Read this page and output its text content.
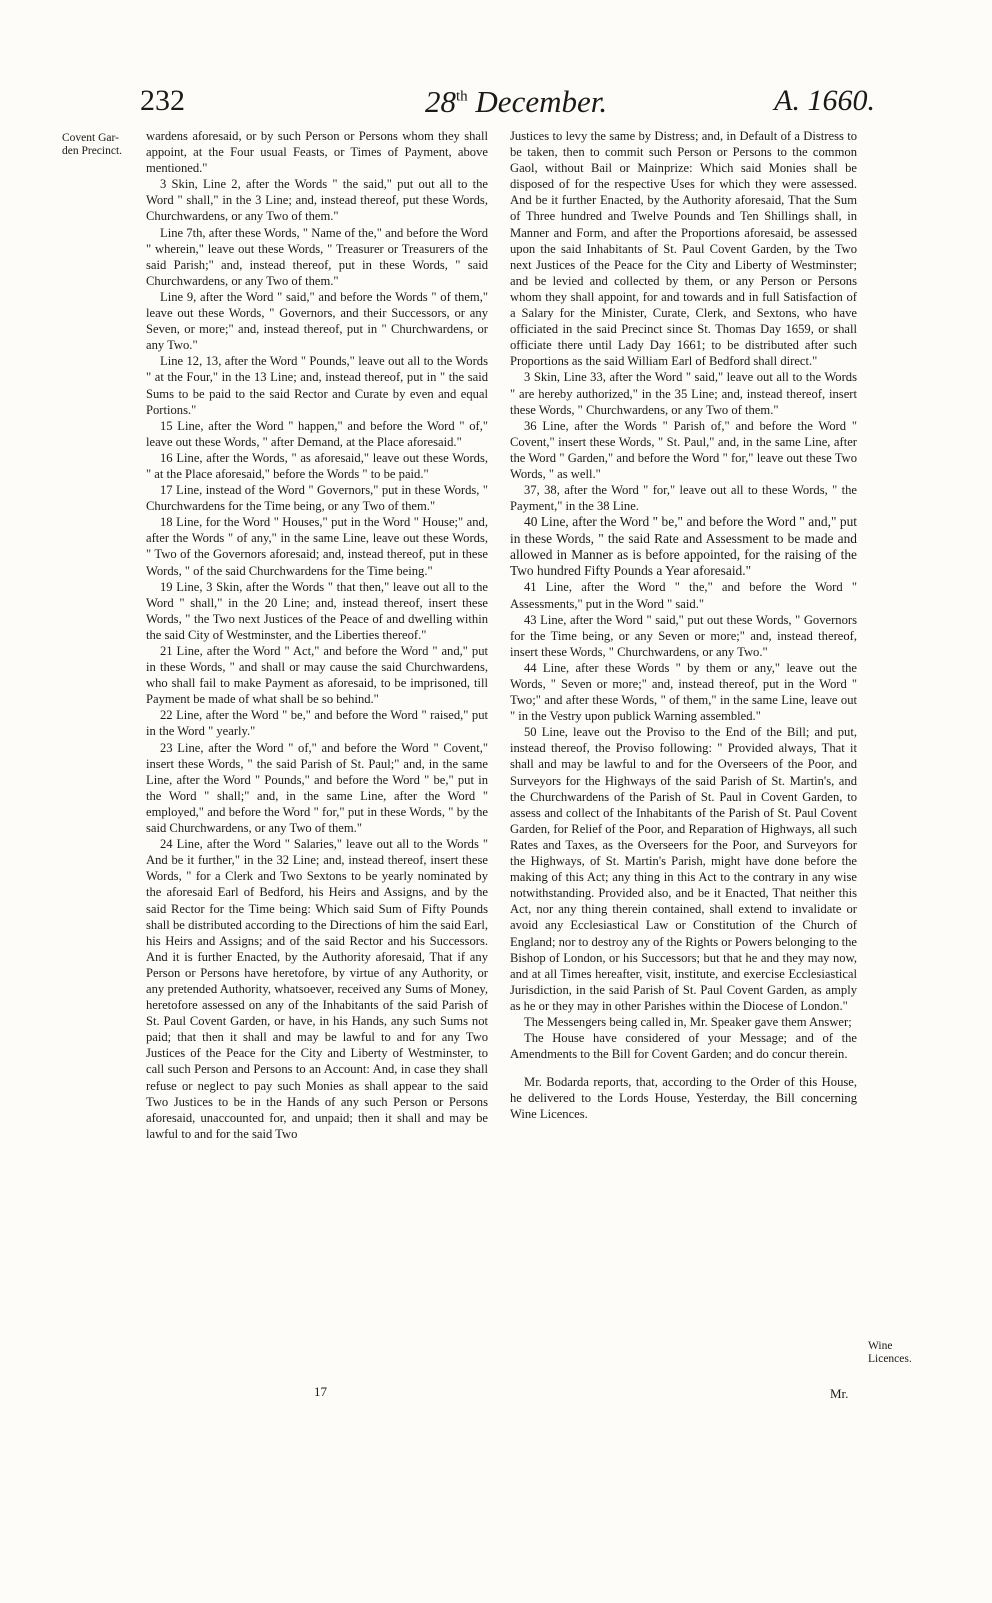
232	28th December.	A. 1660.
Covent Gar-
den Precinct.
Wine
Licences.

wardens aforesaid, or by such Person or Persons whom they shall appoint, at the Four usual Feasts, or Times of Payment, above mentioned."

3 Skin, Line 2, after the Words " the said," put out all to the Word " shall," in the 3 Line; and, instead thereof, put these Words, Churchwardens, or any Two of them."

Line 7th, after these Words, " Name of the," and before the Word " wherein," leave out these Words, " Treasurer or Treasurers of the said Parish;" and, instead thereof, put in these Words, " said Churchwardens, or any Two of them."

Line 9, after the Word " said," and before the Words " of them," leave out these Words, " Governors, and their Successors, or any Seven, or more;" and, instead thereof, put in " Churchwardens, or any Two."

Line 12, 13, after the Word " Pounds," leave out all to the Words " at the Four," in the 13 Line; and, instead thereof, put in " the said Sums to be paid to the said Rector and Curate by even and equal Portions."

15 Line, after the Word " happen," and before the Word " of," leave out these Words, " after Demand, at the Place aforesaid."

16 Line, after the Words, " as aforesaid," leave out these Words, " at the Place aforesaid," before the Words " to be paid."

17 Line, instead of the Word " Governors," put in these Words, " Churchwardens for the Time being, or any Two of them."

18 Line, for the Word " Houses," put in the Word " House;" and, after the Words " of any," in the same Line, leave out these Words, " Two of the Governors aforesaid; and, instead thereof, put in these Words, " of the said Churchwardens for the Time being."

19 Line, 3 Skin, after the Words " that then," leave out all to the Word " shall," in the 20 Line; and, instead thereof, insert these Words, " the Two next Justices of the Peace of and dwelling within the said City of Westminster, and the Liberties thereof."

21 Line, after the Word " Act," and before the Word " and," put in these Words, " and shall or may cause the said Churchwardens, who shall fail to make Payment as aforesaid, to be imprisoned, till Payment be made of what shall be so behind."

22 Line, after the Word " be," and before the Word " raised," put in the Word " yearly."

23 Line, after the Word " of," and before the Word " Covent," insert these Words, " the said Parish of St. Paul;" and, in the same Line, after the Word " Pounds," and before the Word " be," put in the Word " shall;" and, in the same Line, after the Word " employed," and before the Word " for," put in these Words, " by the said Churchwardens, or any Two of them."

24 Line, after the Word " Salaries," leave out all to the Words " And be it further," in the 32 Line; and, instead thereof, insert these Words, " for a Clerk and Two Sextons to be yearly nominated by the aforesaid Earl of Bedford, his Heirs and Assigns, and by the said Rector for the Time being: Which said Sum of Fifty Pounds shall be distributed according to the Directions of him the said Earl, his Heirs and Assigns; and of the said Rector and his Successors. And it is further Enacted, by the Authority aforesaid, That if any Person or Persons have heretofore, by virtue of any Authority, or any pretended Authority, whatsoever, received any Sums of Money, heretofore assessed on any of the Inhabitants of the said Parish of St. Paul Covent Garden, or have, in his Hands, any such Sums not paid; that then it shall and may be lawful to and for any Two Justices of the Peace for the City and Liberty of Westminster, to call such Person and Persons to an Account: And, in case they shall refuse or neglect to pay such Monies as shall appear to the said Two Justices to be in the Hands of any such Person or Persons aforesaid, unaccounted for, and unpaid; then it shall and may be lawful to and for the said Two

Justices to levy the same by Distress; and, in Default of a Distress to be taken, then to commit such Person or Persons to the common Gaol, without Bail or Mainprize: Which said Monies shall be disposed of for the respective Uses for which they were assessed. And be it further Enacted, by the Authority aforesaid, That the Sum of Three hundred and Twelve Pounds and Ten Shillings shall, in Manner and Form, and after the Proportions aforesaid, be assessed upon the said Inhabitants of St. Paul Covent Garden, by the Two next Justices of the Peace for the City and Liberty of Westminster; and be levied and collected by them, or any Person or Persons whom they shall appoint, for and towards and in full Satisfaction of a Salary for the Minister, Curate, Clerk, and Sextons, who have officiated in the said Precinct since St. Thomas Day 1659, or shall officiate there until Lady Day 1661; to be distributed after such Proportions as the said William Earl of Bedford shall direct."

3 Skin, Line 33, after the Word " said," leave out all to the Words " are hereby authorized," in the 35 Line; and, instead thereof, insert these Words, " Churchwardens, or any Two of them."

36 Line, after the Words " Parish of," and before the Word " Covent," insert these Words, " St. Paul," and, in the same Line, after the Word " Garden," and before the Word " for," leave out these Two Words, " as well."

37, 38, after the Word " for," leave out all to these Words, " the Payment," in the 38 Line.

40 Line, after the Word " be," and before the Word " and," put in these Words, " the said Rate and Assessment to be made and allowed in Manner as is before appointed, for the raising of the Two hundred Fifty Pounds a Year aforesaid."

41 Line, after the Word " the," and before the Word " Assessments," put in the Word " said."

43 Line, after the Word " said," put out these Words, " Governors for the Time being, or any Seven or more;" and, instead thereof, insert these Words, " Churchwardens, or any Two."

44 Line, after these Words " by them or any," leave out the Words, " Seven or more;" and, instead thereof, put in the Word " Two;" and after these Words, " of them," in the same Line, leave out " in the Vestry upon publick Warning assembled."

50 Line, leave out the Proviso to the End of the Bill; and put, instead thereof, the Proviso following: " Provided always, That it shall and may be lawful to and for the Overseers of the Poor, and Surveyors for the Highways of the said Parish of St. Martin's, and the Churchwardens of the Parish of St. Paul in Covent Garden, to assess and collect of the Inhabitants of the Parish of St. Paul Covent Garden, for Relief of the Poor, and Reparation of Highways, all such Rates and Taxes, as the Overseers for the Poor, and Surveyors for the Highways, of St. Martin's Parish, might have done before the making of this Act; any thing in this Act to the contrary in any wise notwithstanding. Provided also, and be it Enacted, That neither this Act, nor any thing therein contained, shall extend to invalidate or avoid any Ecclesiastical Law or Constitution of the Church of England; nor to destroy any of the Rights or Powers belonging to the Bishop of London, or his Successors; but that he and they may now, and at all Times hereafter, visit, institute, and exercise Ecclesiastical Jurisdiction, in the said Parish of St. Paul Covent Garden, as amply as he or they may in other Parishes within the Diocese of London."

The Messengers being called in, Mr. Speaker gave them Answer;

The House have considered of your Message; and of the Amendments to the Bill for Covent Garden; and do concur therein.

Mr. Bodarda reports, that, according to the Order of this House, he delivered to the Lords House, Yesterday, the Bill concerning Wine Licences.

17	Mr.
